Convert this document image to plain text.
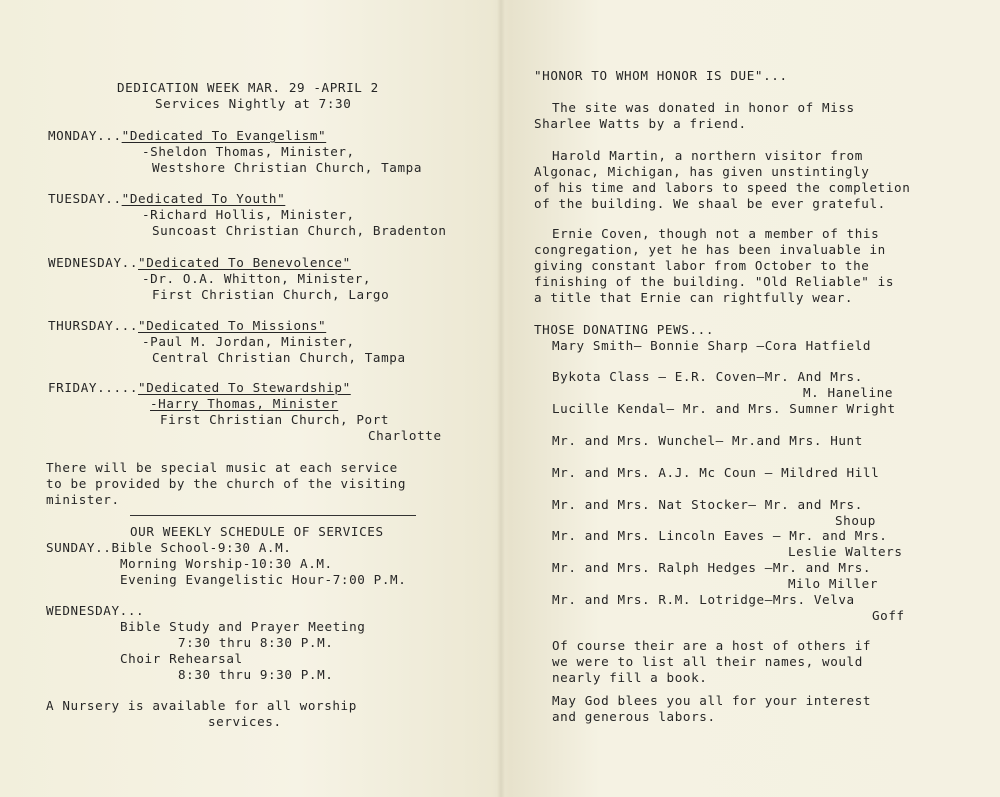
DEDICATION WEEK MAR. 29 -APRIL 2
Services Nightly at 7:30
MONDAY..."Dedicated To Evangelism"
-Sheldon Thomas, Minister,
Westshore Christian Church, Tampa
TUESDAY.."Dedicated To Youth"
-Richard Hollis, Minister,
Suncoast Christian Church, Bradenton
WEDNESDAY.."Dedicated To Benevolence"
-Dr. O.A. Whitton, Minister,
First Christian Church, Largo
THURSDAY..."Dedicated To Missions"
-Paul M. Jordan, Minister,
Central Christian Church, Tampa
FRIDAY....."Dedicated To Stewardship"
-Harry Thomas, Minister
First Christian Church, Port
Charlotte
There will be special music at each service
to be provided by the church of the visiting
minister.
OUR WEEKLY SCHEDULE OF SERVICES
SUNDAY..Bible School-9:30 A.M.
Morning Worship-10:30 A.M.
Evening Evangelistic Hour-7:00 P.M.
WEDNESDAY...
Bible Study and Prayer Meeting
7:30 thru 8:30 P.M.
Choir Rehearsal
8:30 thru 9:30 P.M.
A Nursery is available for all worship
services.
"HONOR TO WHOM HONOR IS DUE"...
The site was donated in honor of Miss
Sharlee Watts by a friend.
Harold Martin, a northern visitor from
Algonac, Michigan, has given unstintingly
of his time and labors to speed the completion
of the building. We shaal be ever grateful.
Ernie Coven, though not a member of this
congregation, yet he has been invaluable in
giving constant labor from October to the
finishing of the building. "Old Reliable" is
a title that Ernie can rightfully wear.
THOSE DONATING PEWS...
Mary Smith— Bonnie Sharp —Cora Hatfield
Bykota Class — E.R. Coven—Mr. And Mrs.
M. Haneline
Lucille Kendal— Mr. and Mrs. Sumner Wright
Mr. and Mrs. Wunchel— Mr.and Mrs. Hunt
Mr. and Mrs. A.J. Mc Coun — Mildred Hill
Mr. and Mrs. Nat Stocker— Mr. and Mrs.
Shoup
Mr. and Mrs. Lincoln Eaves — Mr. and Mrs.
Leslie Walters
Mr. and Mrs. Ralph Hedges —Mr. and Mrs.
Milo Miller
Mr. and Mrs. R.M. Lotridge—Mrs. Velva
Goff
Of course their are a host of others if
we were to list all their names, would
nearly fill a book.
May God blees you all for your interest
and generous labors.
